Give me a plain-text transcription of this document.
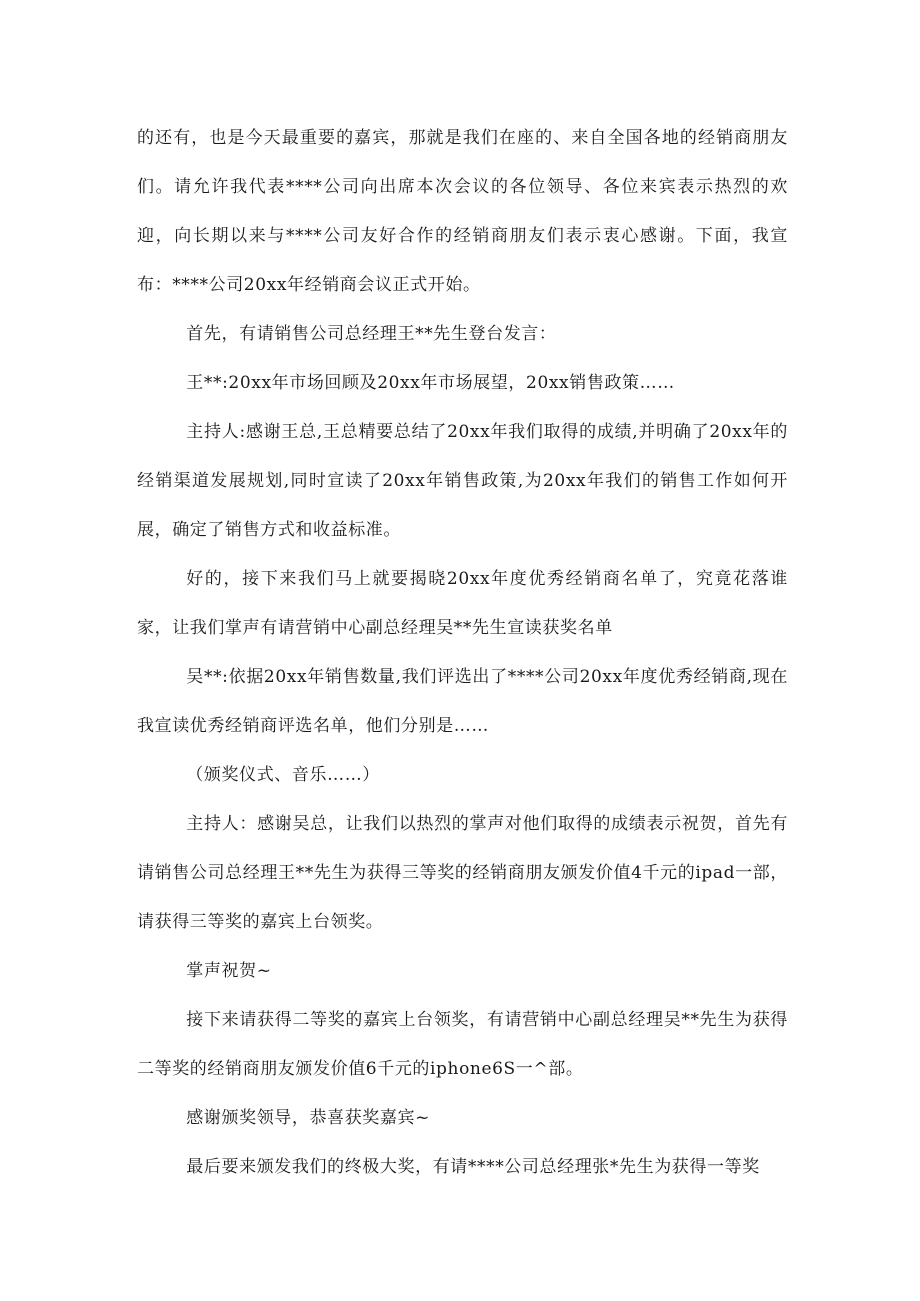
的还有，也是今天最重要的嘉宾，那就是我们在座的、来自全国各地的经销商朋友们。请允许我代表****公司向出席本次会议的各位领导、各位来宾表示热烈的欢迎，向长期以来与****公司友好合作的经销商朋友们表示衷心感谢。下面，我宣布：****公司20xx年经销商会议正式开始。

首先，有请销售公司总经理王**先生登台发言：

王**:20xx年市场回顾及20xx年市场展望，20xx销售政策……

主持人:感谢王总,王总精要总结了20xx年我们取得的成绩,并明确了20xx年的经销渠道发展规划,同时宣读了20xx年销售政策,为20xx年我们的销售工作如何开展，确定了销售方式和收益标准。

好的，接下来我们马上就要揭晓20xx年度优秀经销商名单了，究竟花落谁家，让我们掌声有请营销中心副总经理吴**先生宣读获奖名单

吴**:依据20xx年销售数量,我们评选出了****公司20xx年度优秀经销商,现在我宣读优秀经销商评选名单，他们分别是……

（颁奖仪式、音乐……）

主持人：感谢吴总，让我们以热烈的掌声对他们取得的成绩表示祝贺，首先有请销售公司总经理王**先生为获得三等奖的经销商朋友颁发价值4千元的ipad一部，请获得三等奖的嘉宾上台领奖。

掌声祝贺~

接下来请获得二等奖的嘉宾上台领奖，有请营销中心副总经理吴**先生为获得二等奖的经销商朋友颁发价值6千元的iphone6S一^部。

感谢颁奖领导，恭喜获奖嘉宾~

最后要来颁发我们的终极大奖，有请****公司总经理张*先生为获得一等奖
